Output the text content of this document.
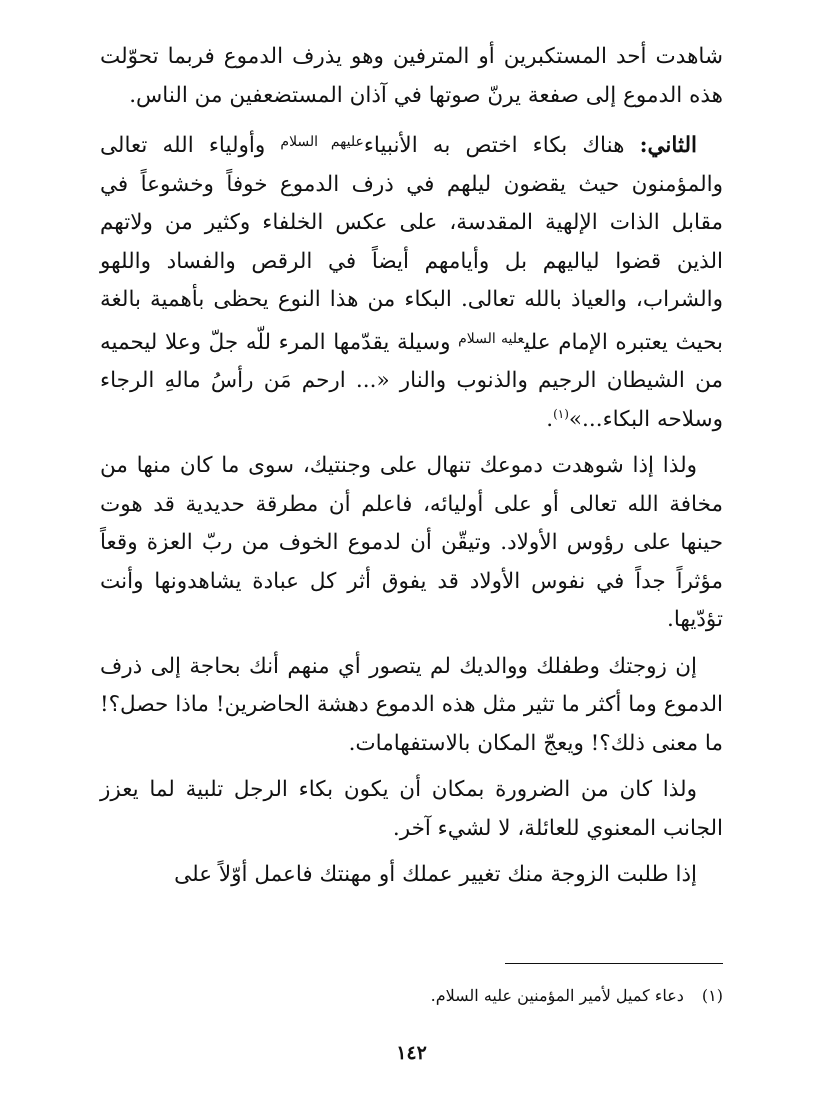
شاهدت أحد المستكبرين أو المترفين وهو يذرف الدموع فربما تحوّلت هذه الدموع إلى صفعة يرنّ صوتها في آذان المستضعفين من الناس.

الثاني: هناك بكاء اختص به الأنبياء$^{عليهم السلام}$ وأولياء الله تعالى والمؤمنون حيث يقضون ليلهم في ذرف الدموع خوفاً وخشوعاً في مقابل الذات الإلهية المقدسة، على عكس الخلفاء وكثير من ولاتهم الذين قضوا لياليهم بل وأيامهم أيضاً في الرقص والفساد واللهو والشراب، والعياذ بالله تعالى. البكاء من هذا النوع يحظى بأهمية بالغة بحيث يعتبره الإمام علي$^{عليه السلام}$ وسيلة يقدّمها المرء للّه جلّ وعلا ليحميه من الشيطان الرجيم والذنوب والنار «... ارحم مَن رأسُ مالهِ الرجاء وسلاحه البكاء...»$^{(١)}$.

ولذا إذا شوهدت دموعك تنهال على وجنتيك، سوى ما كان منها من مخافة الله تعالى أو على أوليائه، فاعلم أن مطرقة حديدية قد هوت حينها على رؤوس الأولاد. وتيقّن أن لدموع الخوف من ربّ العزة وقعاً مؤثراً جداً في نفوس الأولاد قد يفوق أثر كل عبادة يشاهدونها وأنت تؤدّيها.

إن زوجتك وطفلك ووالديك لم يتصور أي منهم أنك بحاجة إلى ذرف الدموع وما أكثر ما تثير مثل هذه الدموع دهشة الحاضرين! ماذا حصل؟! ما معنى ذلك؟! ويعجّ المكان بالاستفهامات.

ولذا كان من الضرورة بمكان أن يكون بكاء الرجل تلبية لما يعزز الجانب المعنوي للعائلة، لا لشيء آخر.

إذا طلبت الزوجة منك تغيير عملك أو مهنتك فاعمل أوّلاً على

(١)دعاء كميل لأمير المؤمنين عليه السلام.
١٤٢
